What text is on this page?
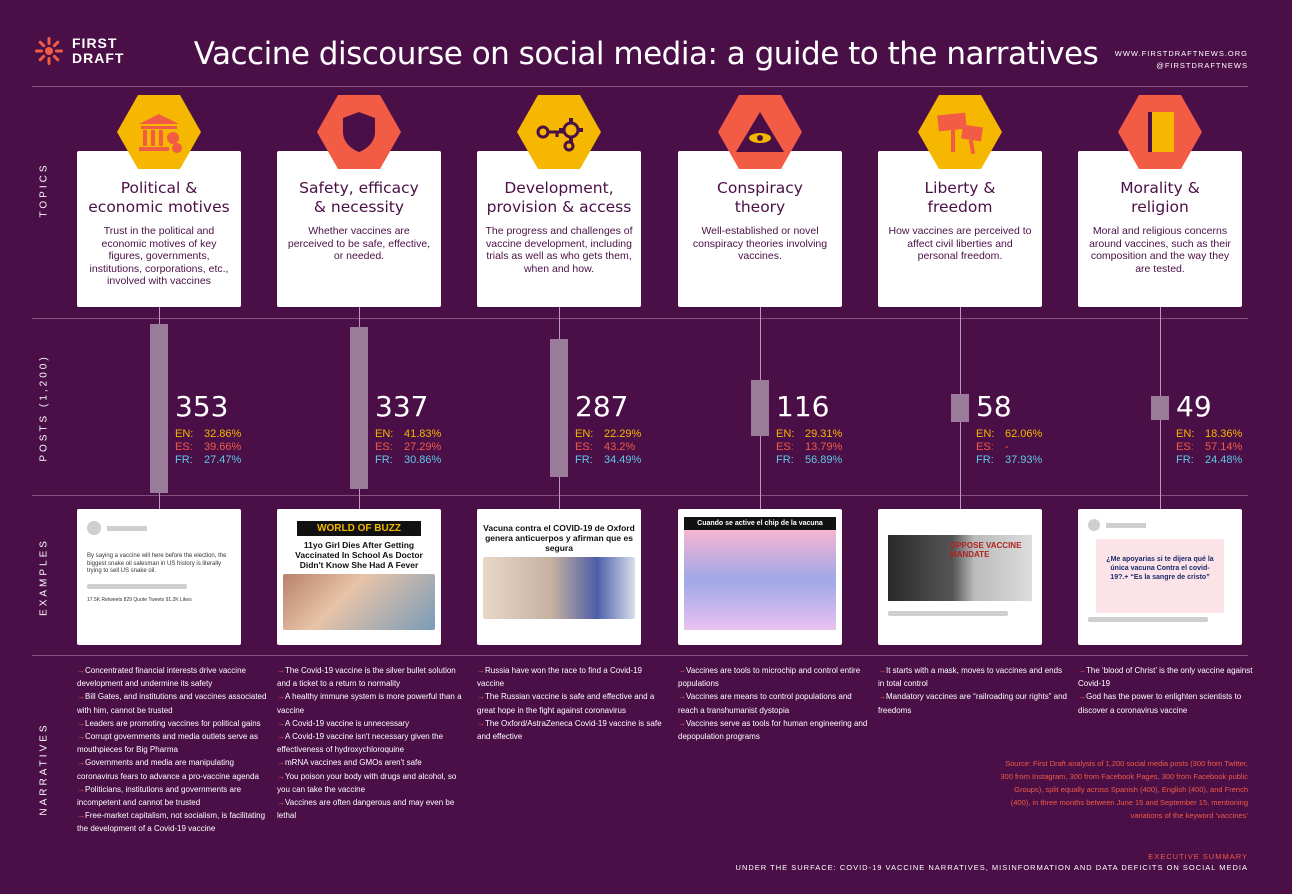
FIRST
DRAFT	Vaccine discourse on social media: a guide to the narratives	WWW.FIRSTDRAFTNEWS.ORG
@FIRSTDRAFTNEWS
TOPICS
POSTS (1,200)
EXAMPLES
NARRATIVES
Political &
economic motives
Trust in the political and economic motives of key figures, governments, institutions, corporations, etc., involved with vaccines
353
EN: 32.86%
ES: 39.66%
FR: 27.47%
By saying a vaccine will here before the election, the biggest snake oil salesman in US history is literally trying to sell US snake oil.
17.5K Retweets 829 Quote Tweets 91.2K Likes
→Concentrated financial interests drive vaccine development and undermine its safety
→Bill Gates, and institutions and vaccines associated with him, cannot be trusted
→Leaders are promoting vaccines for political gains
→Corrupt governments and media outlets serve as mouthpieces for Big Pharma
→Governments and media are manipulating coronavirus fears to advance a pro-vaccine agenda
→Politicians, institutions and governments are incompetent and cannot be trusted
→Free-market capitalism, not socialism, is facilitating the development of a Covid-19 vaccine
Safety, efficacy
& necessity
Whether vaccines are perceived to be safe, effective, or needed.
337
EN: 41.83%
ES: 27.29%
FR: 30.86%
WORLD OF BUZZ
11yo Girl Dies After Getting Vaccinated In School As Doctor Didn't Know She Had A Fever
→The Covid-19 vaccine is the silver bullet solution and a ticket to a return to normality
→A healthy immune system is more powerful than a vaccine
→A Covid-19 vaccine is unnecessary
→A Covid-19 vaccine isn't necessary given the effectiveness of hydroxychloroquine
→mRNA vaccines and GMOs aren't safe
→You poison your body with drugs and alcohol, so you can take the vaccine
→Vaccines are often dangerous and may even be lethal
Development,
provision & access
The progress and challenges of vaccine development, including trials as well as who gets them, when and how.
287
EN: 22.29%
ES: 43.2%
FR: 34.49%
Vacuna contra el COVID-19 de Oxford genera anticuerpos y afirman que es segura
→Russia have won the race to find a Covid-19 vaccine
→The Russian vaccine is safe and effective and a great hope in the fight against coronavirus
→The Oxford/AstraZeneca Covid-19 vaccine is safe and effective
Conspiracy
theory
Well-established or novel conspiracy theories involving vaccines.
116
EN: 29.31%
ES: 13.79%
FR: 56.89%
Cuando se active el chip de la vacuna
→Vaccines are tools to microchip and control entire populations
→Vaccines are means to control populations and reach a transhumanist dystopia
→Vaccines serve as tools for human engineering and depopulation programs
Liberty &
freedom
How vaccines are perceived to affect civil liberties and personal freedom.
58
EN: 62.06%
ES: -
FR: 37.93%
OPPOSE VACCINE MANDATE
→It starts with a mask, moves to vaccines and ends in total control
→Mandatory vaccines are “railroading our rights” and freedoms
Morality &
religion
Moral and religious concerns around vaccines, such as their composition and the way they are tested.
49
EN: 18.36%
ES: 57.14%
FR: 24.48%
¿Me apoyarias si te dijera qué la única vacuna Contra el covid-19?.+ “Es la sangre de cristo”
→The ‘blood of Christ’ is the only vaccine against Covid-19
→God has the power to enlighten scientists to discover a coronavirus vaccine
Source: First Draft analysis of 1,200 social media posts (300 from Twitter, 300 from Instagram, 300 from Facebook Pages, 300 from Facebook public Groups), split equally across Spanish (400), English (400), and French (400), in three months between June 15 and September 15, mentioning variations of the keyword ‘vaccines’
EXECUTIVE SUMMARY
UNDER THE SURFACE: COVID-19 VACCINE NARRATIVES, MISINFORMATION AND DATA DEFICITS ON SOCIAL MEDIA
